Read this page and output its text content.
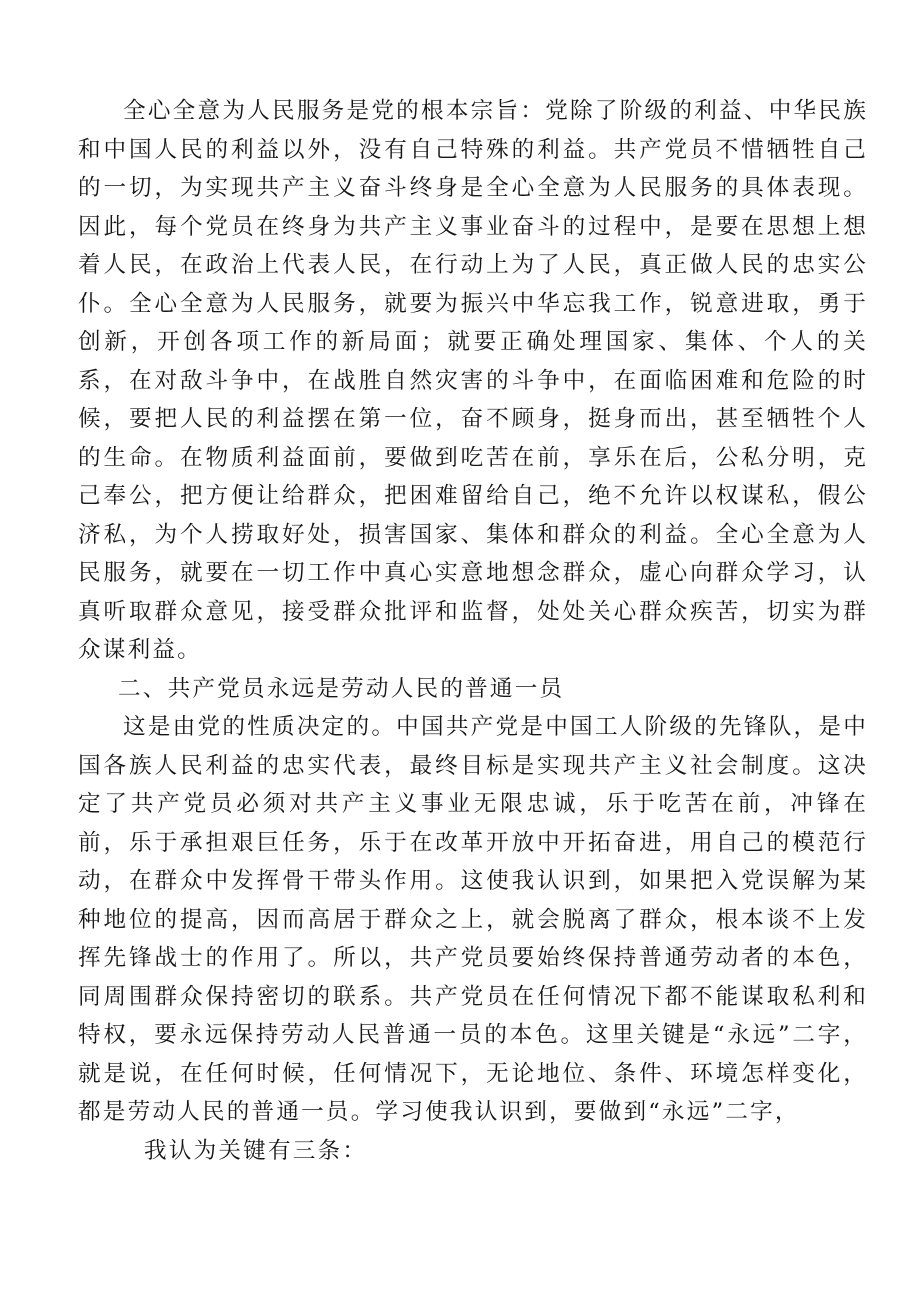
全心全意为人民服务是党的根本宗旨：党除了阶级的利益、中华民族和中国人民的利益以外，没有自己特殊的利益。共产党员不惜牺牲自己的一切，为实现共产主义奋斗终身是全心全意为人民服务的具体表现。因此，每个党员在终身为共产主义事业奋斗的过程中，是要在思想上想着人民，在政治上代表人民，在行动上为了人民，真正做人民的忠实公仆。全心全意为人民服务，就要为振兴中华忘我工作，锐意进取，勇于创新，开创各项工作的新局面；就要正确处理国家、集体、个人的关系，在对敌斗争中，在战胜自然灾害的斗争中，在面临困难和危险的时候，要把人民的利益摆在第一位，奋不顾身，挺身而出，甚至牺牲个人的生命。在物质利益面前，要做到吃苦在前，享乐在后，公私分明，克己奉公，把方便让给群众，把困难留给自己，绝不允许以权谋私，假公济私，为个人捞取好处，损害国家、集体和群众的利益。全心全意为人民服务，就要在一切工作中真心实意地想念群众，虚心向群众学习，认真听取群众意见，接受群众批评和监督，处处关心群众疾苦，切实为群众谋利益。

二、共产党员永远是劳动人民的普通一员

这是由党的性质决定的。中国共产党是中国工人阶级的先锋队，是中国各族人民利益的忠实代表，最终目标是实现共产主义社会制度。这决定了共产党员必须对共产主义事业无限忠诚，乐于吃苦在前，冲锋在前，乐于承担艰巨任务，乐于在改革开放中开拓奋进，用自己的模范行动，在群众中发挥骨干带头作用。这使我认识到，如果把入党误解为某种地位的提高，因而高居于群众之上，就会脱离了群众，根本谈不上发挥先锋战士的作用了。所以，共产党员要始终保持普通劳动者的本色，同周围群众保持密切的联系。共产党员在任何情况下都不能谋取私利和特权，要永远保持劳动人民普通一员的本色。这里关键是“永远”二字，就是说，在任何时候，任何情况下，无论地位、条件、环境怎样变化，都是劳动人民的普通一员。学习使我认识到，要做到“永远”二字，

我认为关键有三条：
